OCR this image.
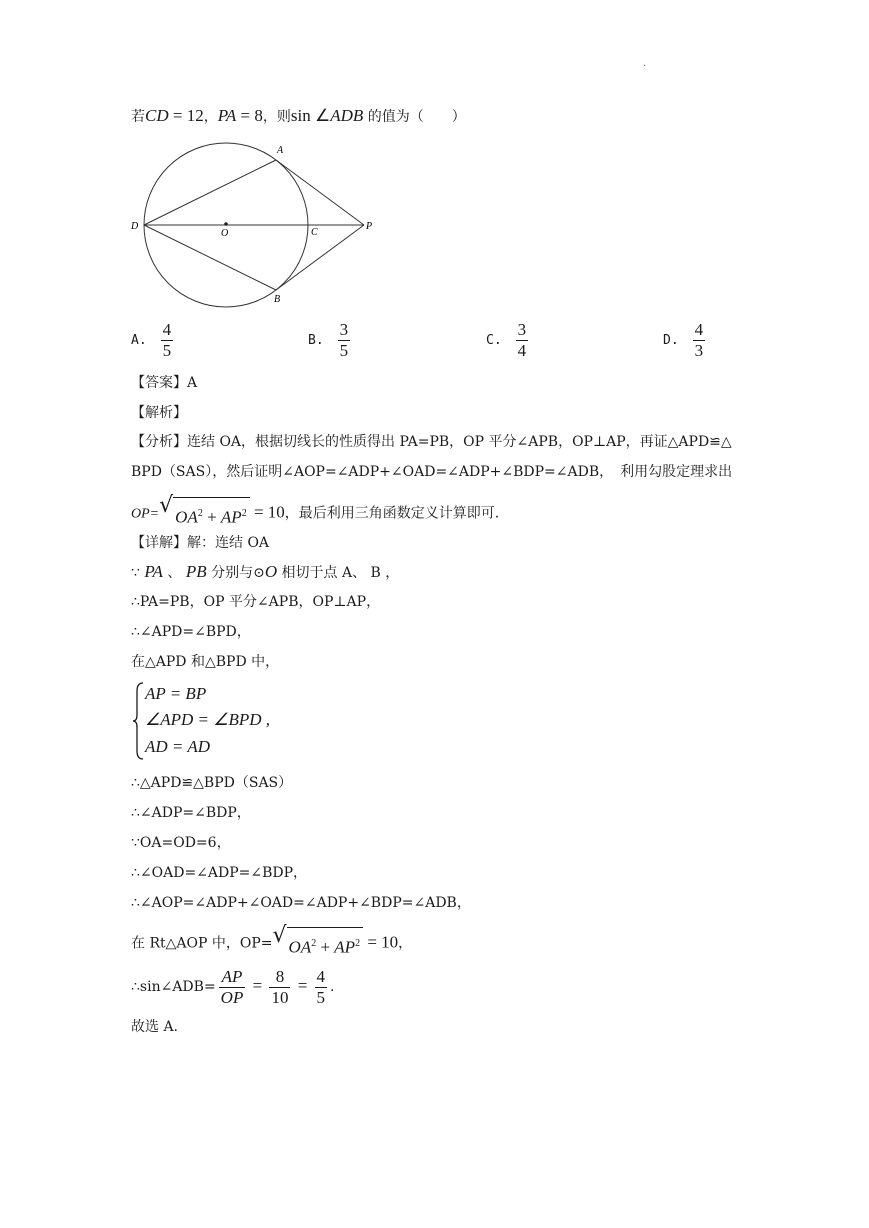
.
若CD = 12，PA = 8，则sin ∠ADB 的值为（　　）
A
D
O	C
P
B
A. $\frac{4}{5}$	B. $\frac{3}{5}$	C. $\frac{3}{4}$	D. $\frac{4}{3}$
【答案】A
【解析】
【分析】连结 OA，根据切线长的性质得出 PA=PB，OP 平分∠APB，OP⊥AP，再证△APD≌△
BPD（SAS），然后证明∠AOP=∠ADP+∠OAD=∠ADP+∠BDP=∠ADB，　利用勾股定理求出
OP= √ $OA^2 + AP^2 = 10$，最后利用三角函数定义计算即可.
【详解】解：连结 OA
∵ PA 、 PB 分别与⊙O 相切于点 A、 B ，
∴PA=PB，OP 平分∠APB，OP⊥AP，
∴∠APD=∠BPD，
在△APD 和△BPD 中，
AP = BP
∠APD = ∠BPD ,
AD = AD
∴△APD≌△BPD（SAS）
∴∠ADP=∠BDP，
∵OA=OD=6，
∴∠OAD=∠ADP=∠BDP，
∴∠AOP=∠ADP+∠OAD=∠ADP+∠BDP=∠ADB，
在 Rt△AOP 中，OP= √ $OA^2 + AP^2 = 10$，
∴sin∠ADB= $\frac{AP}{OP} = \frac{8}{10} = \frac{4}{5}$ .
故选 A.
